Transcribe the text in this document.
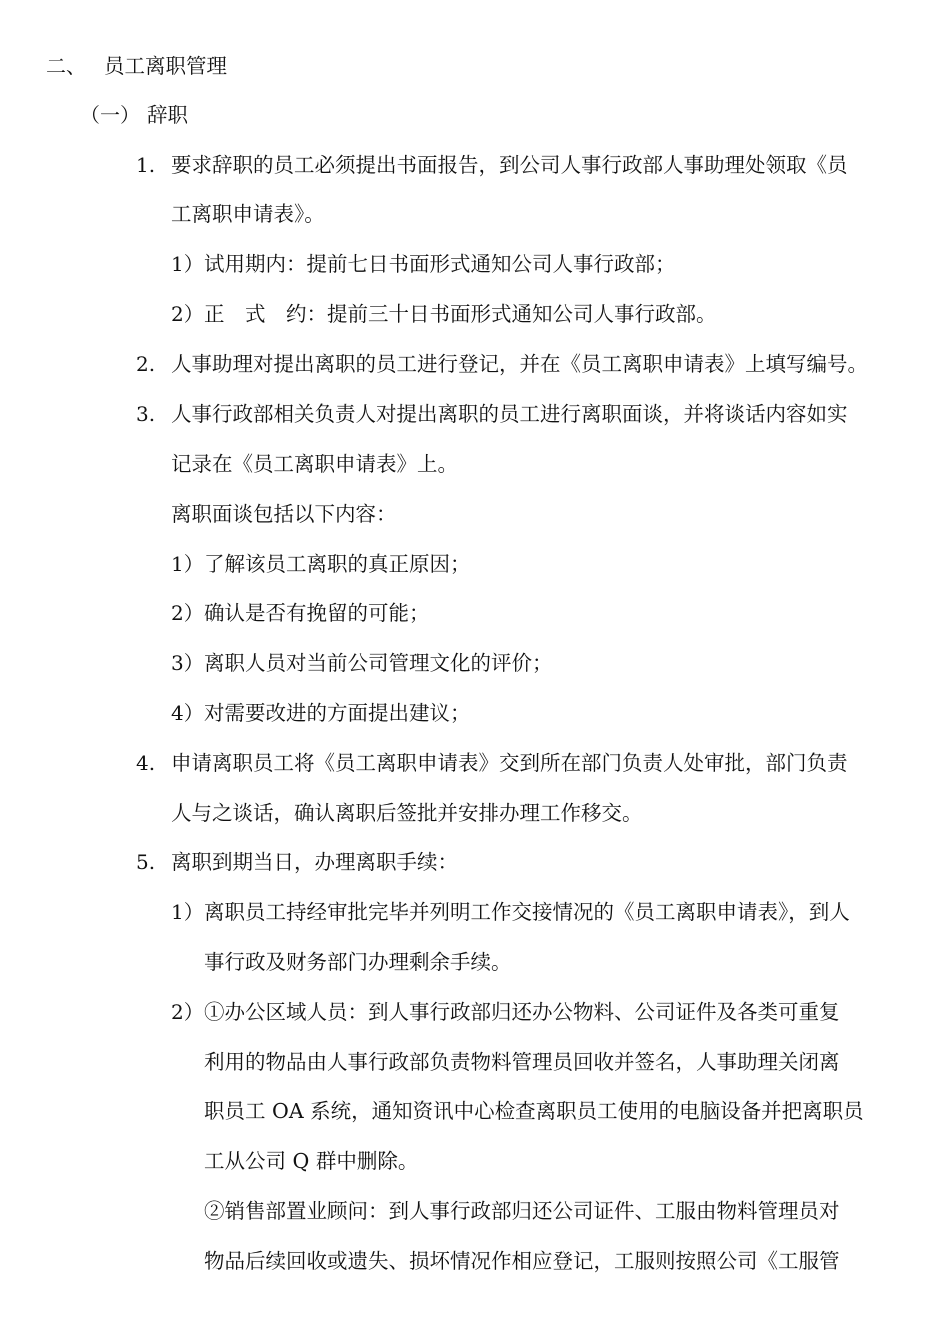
二、 员工离职管理
（一） 辞职
1. 要求辞职的员工必须提出书面报告，到公司人事行政部人事助理处领取《员
工离职申请表》。
1） 试用期内：提前七日书面形式通知公司人事行政部；
2） 正　式　约：提前三十日书面形式通知公司人事行政部。
2. 人事助理对提出离职的员工进行登记，并在《员工离职申请表》上填写编号。
3. 人事行政部相关负责人对提出离职的员工进行离职面谈，并将谈话内容如实
记录在《员工离职申请表》上。
离职面谈包括以下内容：
1） 了解该员工离职的真正原因；
2） 确认是否有挽留的可能；
3） 离职人员对当前公司管理文化的评价；
4） 对需要改进的方面提出建议；
4. 申请离职员工将《员工离职申请表》交到所在部门负责人处审批，部门负责
人与之谈话，确认离职后签批并安排办理工作移交。
5. 离职到期当日，办理离职手续：
1） 离职员工持经审批完毕并列明工作交接情况的《员工离职申请表》，到人
事行政及财务部门办理剩余手续。
2） ①办公区域人员：到人事行政部归还办公物料、公司证件及各类可重复
利用的物品由人事行政部负责物料管理员回收并签名，人事助理关闭离
职员工 OA 系统，通知资讯中心检查离职员工使用的电脑设备并把离职员
工从公司 Q 群中删除。
②销售部置业顾问：到人事行政部归还公司证件、工服由物料管理员对
物品后续回收或遗失、损坏情况作相应登记，工服则按照公司《工服管
